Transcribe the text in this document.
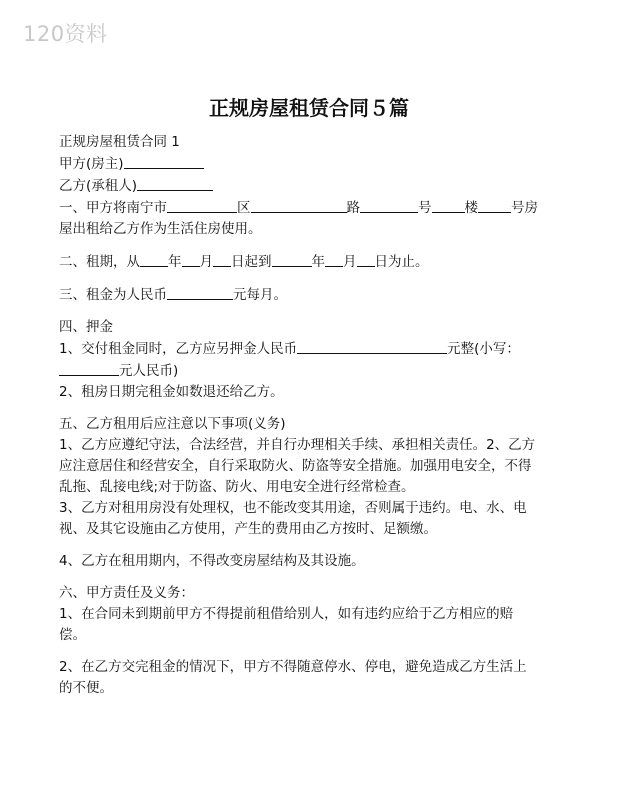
120资料
正规房屋租赁合同５篇

正规房屋租赁合同 1

甲方(房主)

乙方(承租人)

一、甲方将南宁市	区	路	号 楼 号房

屋出租给乙方作为生活住房使用。

二、租期，从 年 月 日起到	年 月 日为止。

三、租金为人民币	元每月。

四、押金

1、交付租金同时，乙方应另押金人民币	元整(小写：

元人民币)

2、租房日期完租金如数退还给乙方。

五、乙方租用后应注意以下事项(义务)

1、乙方应遵纪守法，合法经营，并自行办理相关手续、承担相关责任。2、乙方

应注意居住和经营安全，自行采取防火、防盗等安全措施。加强用电安全，不得

乱拖、乱接电线;对于防盗、防火、用电安全进行经常检查。

3、乙方对租用房没有处理权，也不能改变其用途，否则属于违约。电、水、电

视、及其它设施由乙方使用，产生的费用由乙方按时、足额缴。

4、乙方在租用期内，不得改变房屋结构及其设施。

六、甲方责任及义务：

1、在合同未到期前甲方不得提前租借给别人，如有违约应给于乙方相应的赔

偿。

2、在乙方交完租金的情况下，甲方不得随意停水、停电，避免造成乙方生活上

的不便。
